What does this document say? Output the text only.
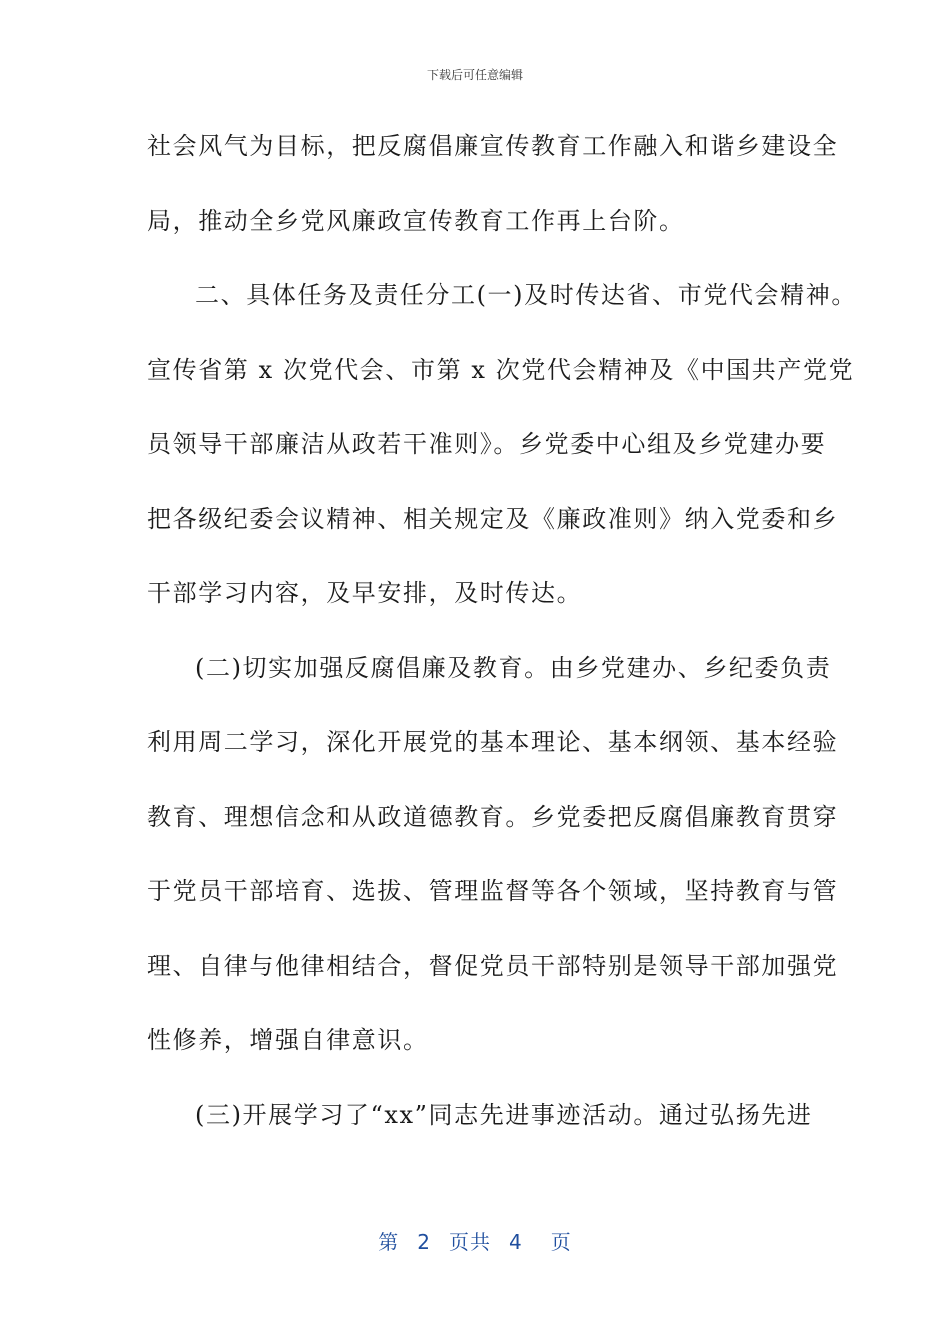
下载后可任意编辑
社会风气为目标，把反腐倡廉宣传教育工作融入和谐乡建设全
局，推动全乡党风廉政宣传教育工作再上台阶。
二、具体任务及责任分工(一)及时传达省、市党代会精神。
宣传省第 x 次党代会、市第 x 次党代会精神及《中国共产党党
员领导干部廉洁从政若干准则》。乡党委中心组及乡党建办要
把各级纪委会议精神、相关规定及《廉政准则》纳入党委和乡
干部学习内容，及早安排，及时传达。
(二)切实加强反腐倡廉及教育。由乡党建办、乡纪委负责
利用周二学习，深化开展党的基本理论、基本纲领、基本经验
教育、理想信念和从政道德教育。乡党委把反腐倡廉教育贯穿
于党员干部培育、选拔、管理监督等各个领域，坚持教育与管
理、自律与他律相结合，督促党员干部特别是领导干部加强党
性修养，增强自律意识。
(三)开展学习了“xx”同志先进事迹活动。通过弘扬先进
第 2 页共 4 页
